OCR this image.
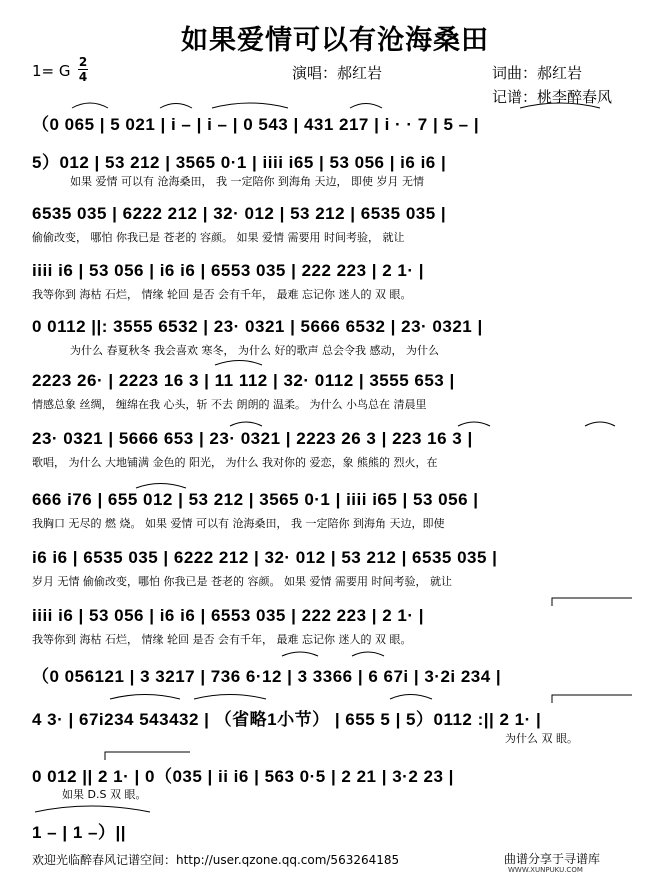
如果爱情可以有沧海桑田
1= G 2
4	演唱：郝红岩	词曲：郝红岩
记谱：桃李醉春风
（0 065 | 5 021 | i – | i – | 0 543 | 431 217 | i · · 7 | 5 – |
5）012 | 53 212 | 3565 0·1 | iiii i65 | 53 056 | i6 i6 |
如果 爱情 可以有 沧海桑田， 我 一定陪你 到海角 天边， 即使 岁月 无情
6535 035 | 6222 212 | 32· 012 | 53 212 | 6535 035 |
偷偷改变， 哪怕 你我已是 苍老的 容颜。 如果 爱情 需要用 时间考验， 就让
iiii i6 | 53 056 | i6 i6 | 6553 035 | 222 223 | 2 1· |
我等你到 海枯 石烂， 情缘 轮回 是否 会有千年， 最难 忘记你 迷人的 双 眼。
0 0112 ||: 3555 6532 | 23· 0321 | 5666 6532 | 23· 0321 |
为什么 春夏秋冬 我会喜欢 寒冬， 为什么 好的歌声 总会令我 感动， 为什么
2223 26· | 2223 16 3 | 11 112 | 32· 0112 | 3555 653 |
情感总象 丝绸， 缠绵在我 心头，斩 不去 朗朗的 温柔。 为什么 小鸟总在 清晨里
23· 0321 | 5666 653 | 23· 0321 | 2223 26 3 | 223 16 3 |
歌唱， 为什么 大地铺满 金色的 阳光， 为什么 我对你的 爱恋，象 熊熊的 烈火，在
666 i76 | 655 012 | 53 212 | 3565 0·1 | iiii i65 | 53 056 |
我胸口 无尽的 燃 烧。 如果 爱情 可以有 沧海桑田， 我 一定陪你 到海角 天边，即使
i6 i6 | 6535 035 | 6222 212 | 32· 012 | 53 212 | 6535 035 |
岁月 无情 偷偷改变，哪怕 你我已是 苍老的 容颜。 如果 爱情 需要用 时间考验， 就让
iiii i6 | 53 056 | i6 i6 | 6553 035 | 222 223 | 2 1· |
我等你到 海枯 石烂， 情缘 轮回 是否 会有千年， 最难 忘记你 迷人的 双 眼。
（0 056121 | 3 3217 | 736 6·12 | 3 3366 | 6 67i | 3·2i 234 |
4 3· | 67i234 543432 | （省略1小节） | 655 5 | 5）0112 :|| 2 1· |
为什么 双 眼。
0 012 || 2 1· | 0（035 | ii i6 | 563 0·5 | 2 21 | 3·2 23 |
如果 D.S 双 眼。
1 – | 1 –）||
欢迎光临醉春风记谱空间：http://user.qzone.qq.com/563264185	曲谱分享于寻谱库
WWW.XUNPUKU.COM
